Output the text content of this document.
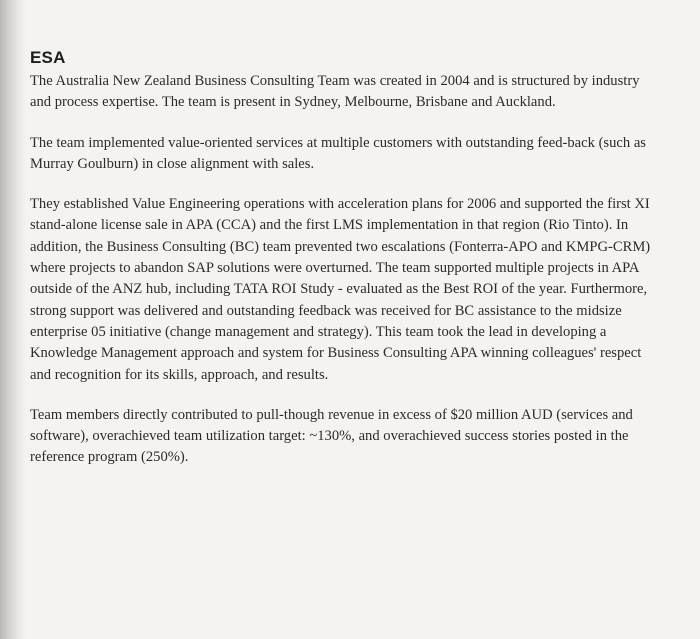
ESA

The Australia New Zealand Business Consulting Team was created in 2004 and is structured by industry and process expertise. The team is present in Sydney, Melbourne, Brisbane and Auckland.

The team implemented value-oriented services at multiple customers with outstanding feed-back (such as Murray Goulburn) in close alignment with sales.

They established Value Engineering operations with acceleration plans for 2006 and supported the first XI stand-alone license sale in APA (CCA) and the first LMS implementation in that region (Rio Tinto). In addition, the Business Consulting (BC) team prevented two escalations (Fonterra-APO and KMPG-CRM) where projects to abandon SAP solutions were overturned. The team supported multiple projects in APA outside of the ANZ hub, including TATA ROI Study - evaluated as the Best ROI of the year. Furthermore, strong support was delivered and outstanding feedback was received for BC assistance to the midsize enterprise 05 initiative (change management and strategy). This team took the lead in developing a Knowledge Management approach and system for Business Consulting APA winning colleagues' respect and recognition for its skills, approach, and results.

Team members directly contributed to pull-though revenue in excess of $20 million AUD (services and software), overachieved team utilization target: ~130%, and overachieved success stories posted in the reference program (250%).
